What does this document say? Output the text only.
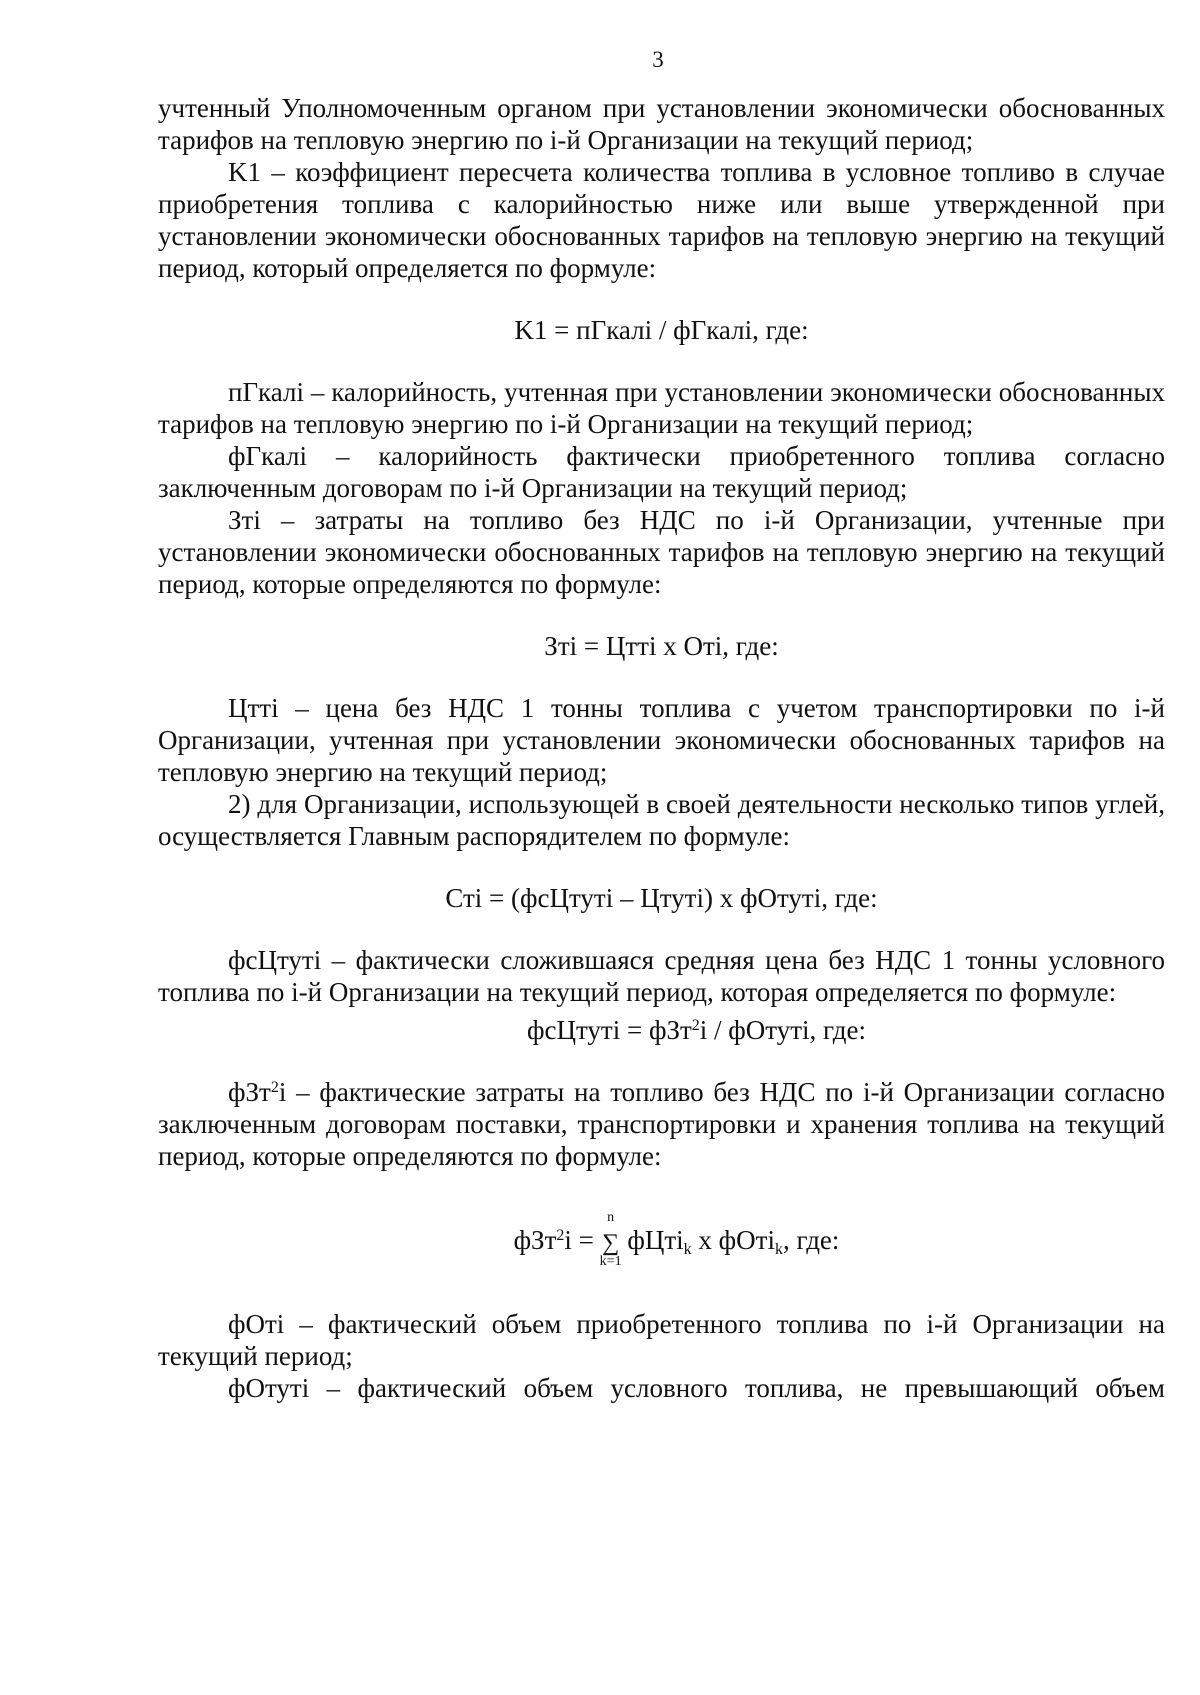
3

учтенный Уполномоченным органом при установлении экономически обоснованных тарифов на тепловую энергию по i-й Организации на текущий период;

K1 – коэффициент пересчета количества топлива в условное топливо в случае приобретения топлива с калорийностью ниже или выше утвержденной при установлении экономически обоснованных тарифов на тепловую энергию на текущий период, который определяется по формуле:

K1 = пГкалi / фГкалi, где:

пГкалi – калорийность, учтенная при установлении экономически обоснованных тарифов на тепловую энергию по i-й Организации на текущий период;

фГкалi – калорийность фактически приобретенного топлива согласно заключенным договорам по i-й Организации на текущий период;

Зтi – затраты на топливо без НДС по i-й Организации, учтенные при установлении экономически обоснованных тарифов на тепловую энергию на текущий период, которые определяются по формуле:

Зтi = Цттi x Отi, где:

Цттi – цена без НДС 1 тонны топлива с учетом транспортировки по i-й Организации, учтенная при установлении экономически обоснованных тарифов на тепловую энергию на текущий период;

2) для Организации, использующей в своей деятельности несколько типов углей, осуществляется Главным распорядителем по формуле:

Стi = (фсЦтутi – Цтутi) x фОтутi, где:

фсЦтутi – фактически сложившаяся средняя цена без НДС 1 тонны условного топлива по i-й Организации на текущий период, которая определяется по формуле:

фсЦтутi = фЗт$^2$i / фОтутi, где:

фЗт$^2$i – фактические затраты на топливо без НДС по i-й Организации согласно заключенным договорам поставки, транспортировки и хранения топлива на текущий период, которые определяются по формуле:

фЗт$^2$i =
n
∑
k=1
фЦтi$_k$ x фОтi$_k$, где:

фОтi – фактический объем приобретенного топлива по i-й Организации на текущий период;

фОтутi – фактический объем условного топлива, не превышающий объем
